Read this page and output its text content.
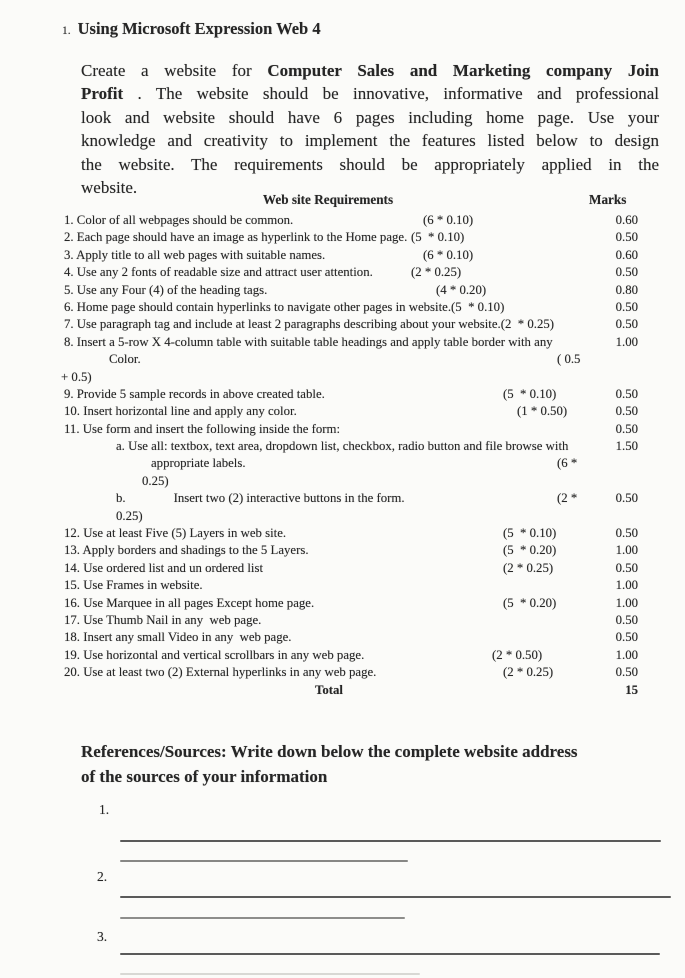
1. Using Microsoft Expression Web 4
Create a website for Computer Sales and Marketing company Join
Profit . The website should be innovative, informative and professional
look and website should have 6 pages including home page. Use your
knowledge and creativity to implement the features listed below to design
the website. The requirements should be appropriately applied in the
website.
Web site Requirements	Marks
1. Color of all webpages should be common.	(6 * 0.10)	0.60
2. Each page should have an image as hyperlink to the Home page. (5  * 0.10)	0.50
3. Apply title to all web pages with suitable names.	(6 * 0.10)	0.60
4. Use any 2 fonts of readable size and attract user attention.	(2 * 0.25)	0.50
5. Use any Four (4) of the heading tags.	(4 * 0.20)	0.80
6. Home page should contain hyperlinks to navigate other pages in website.(5  * 0.10)	0.50
7. Use paragraph tag and include at least 2 paragraphs describing about your website.(2  * 0.25)	0.50
8. Insert a 5-row X 4-column table with suitable table headings and apply table border with any	1.00
Color.	( 0.5
+ 0.5)
9. Provide 5 sample records in above created table.	(5  * 0.10)	0.50
10. Insert horizontal line and apply any color.	(1 * 0.50)	0.50
11. Use form and insert the following inside the form:	0.50
a. Use all: textbox, text area, dropdown list, checkbox, radio button and file browse with	1.50
appropriate labels.	(6 *
0.25)
b.               Insert two (2) interactive buttons in the form.	(2 *	0.50
0.25)
12. Use at least Five (5) Layers in web site.	(5  * 0.10)	0.50
13. Apply borders and shadings to the 5 Layers.	(5  * 0.20)	1.00
14. Use ordered list and un ordered list	(2 * 0.25)	0.50
15. Use Frames in website.	1.00
16. Use Marquee in all pages Except home page.	(5  * 0.20)	1.00
17. Use Thumb Nail in any  web page.	0.50
18. Insert any small Video in any  web page.	0.50
19. Use horizontal and vertical scrollbars in any web page.	(2 * 0.50)	1.00
20. Use at least two (2) External hyperlinks in any web page.	(2 * 0.25)	0.50
Total	15
References/Sources: Write down below the complete website address
of the sources of your information
1.
2.
3.
